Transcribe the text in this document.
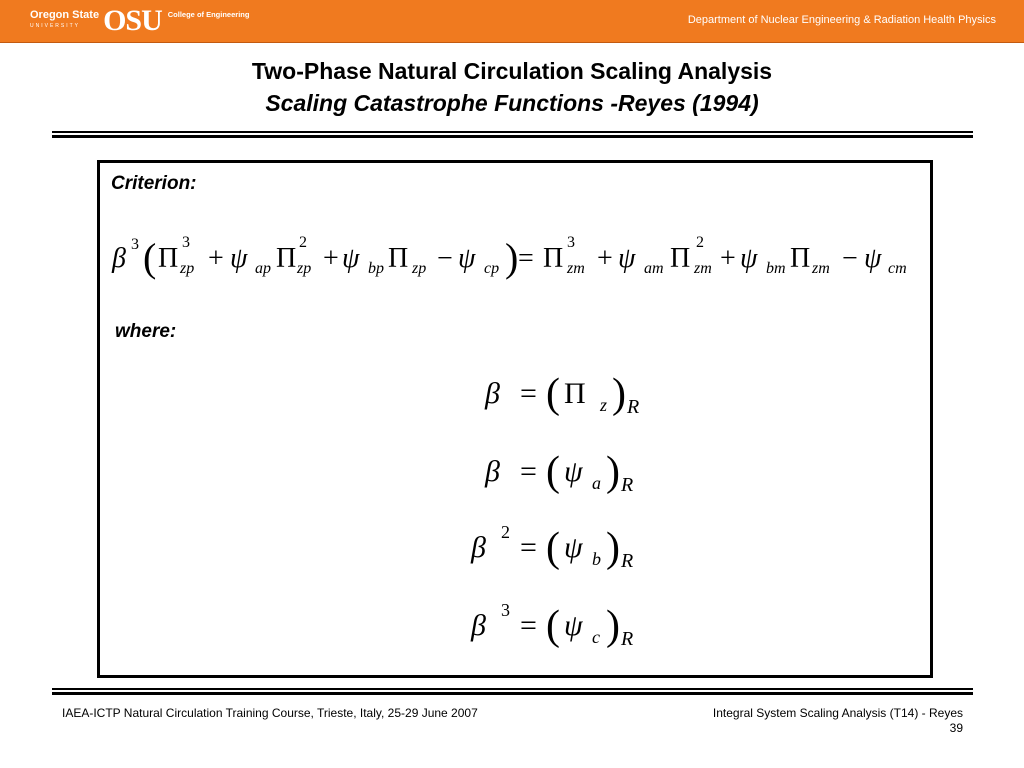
Oregon State
UNIVERSITY OSU College of Engineering	Department of Nuclear Engineering & Radiation Health Physics
Two-Phase Natural Circulation Scaling Analysis
Scaling Catastrophe Functions -Reyes (1994)
Criterion:
β 3 ( Π
3
zp + ψ ap Π
2
zp + ψ bp Π zp − ψ cp ) = Π
3
zm + ψ am Π
2
zm + ψ bm Π zm − ψ cm
where:
β = ( Π z ) R
β = ( ψ a ) R
β 2 = ( ψ b ) R
β 3 = ( ψ c ) R
IAEA-ICTP Natural Circulation Training Course, Trieste, Italy, 25-29 June 2007	Integral System Scaling Analysis (T14) - Reyes
39
